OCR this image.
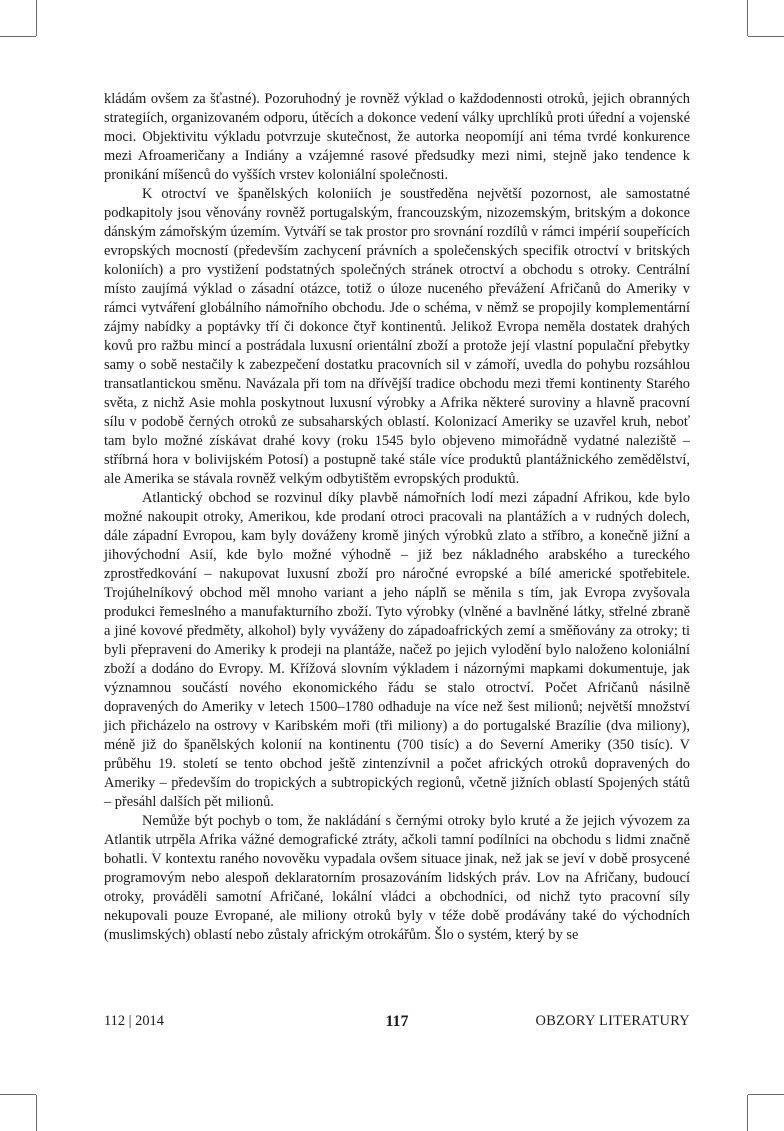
kládám ovšem za šťastné). Pozoruhodný je rovněž výklad o každodennosti otroků, jejich obranných strategiích, organizovaném odporu, útěcích a dokonce vedení války uprchlíků proti úřední a vojenské moci. Objektivitu výkladu potvrzuje skutečnost, že autorka neopomíjí ani téma tvrdé konkurence mezi Afroameričany a Indiány a vzájemné rasové předsudky mezi nimi, stejně jako tendence k pronikání míšenců do vyšších vrstev koloniální společnosti.

K otroctví ve španělských koloniích je soustředěna největší pozornost, ale samostatné podkapitoly jsou věnovány rovněž portugalským, francouzským, nizozemským, britským a dokonce dánským zámořským územím. Vytváří se tak prostor pro srovnání rozdílů v rámci impérií soupeřících evropských mocností (především zachycení právních a společenských specifik otroctví v britských koloniích) a pro vystižení podstatných společných stránek otroctví a obchodu s otroky. Centrální místo zaujímá výklad o zásadní otázce, totiž o úloze nuceného převážení Afričanů do Ameriky v rámci vytváření globálního námořního obchodu. Jde o schéma, v němž se propojily komplementární zájmy nabídky a poptávky tří či dokonce čtyř kontinentů. Jelikož Evropa neměla dostatek drahých kovů pro ražbu mincí a postrádala luxusní orientální zboží a protože její vlastní populační přebytky samy o sobě nestačily k zabezpečení dostatku pracovních sil v zámoří, uvedla do pohybu rozsáhlou transatlantickou směnu. Navázala při tom na dřívější tradice obchodu mezi třemi kontinenty Starého světa, z nichž Asie mohla poskytnout luxusní výrobky a Afrika některé suroviny a hlavně pracovní sílu v podobě černých otroků ze subsaharských oblastí. Kolonizací Ameriky se uzavřel kruh, neboť tam bylo možné získávat drahé kovy (roku 1545 bylo objeveno mimořádně vydatné naleziště – stříbrná hora v bolivijském Potosí) a postupně také stále více produktů plantážnického zemědělství, ale Amerika se stávala rovněž velkým odbytištěm evropských produktů.

Atlantický obchod se rozvinul díky plavbě námořních lodí mezi západní Afrikou, kde bylo možné nakoupit otroky, Amerikou, kde prodaní otroci pracovali na plantážích a v rudných dolech, dále západní Evropou, kam byly dováženy kromě jiných výrobků zlato a stříbro, a konečně jižní a jihovýchodní Asií, kde bylo možné výhodně – již bez nákladného arabského a tureckého zprostředkování – nakupovat luxusní zboží pro náročné evropské a bílé americké spotřebitele. Trojúhelníkový obchod měl mnoho variant a jeho náplň se měnila s tím, jak Evropa zvyšovala produkci řemeslného a manufakturního zboží. Tyto výrobky (vlněné a bavlněné látky, střelné zbraně a jiné kovové předměty, alkohol) byly vyváženy do západoafrických zemí a směňovány za otroky; ti byli přepraveni do Ameriky k prodeji na plantáže, načež po jejich vylodění bylo naloženo koloniální zboží a dodáno do Evropy. M. Křížová slovním výkladem i názornými mapkami dokumentuje, jak významnou součástí nového ekonomického řádu se stalo otroctví. Počet Afričanů násilně dopravených do Ameriky v letech 1500–1780 odhaduje na více než šest milionů; největší množství jich přicházelo na ostrovy v Karibském moři (tři miliony) a do portugalské Brazílie (dva miliony), méně již do španělských kolonií na kontinentu (700 tisíc) a do Severní Ameriky (350 tisíc). V průběhu 19. století se tento obchod ještě zintenzívnil a počet afrických otroků dopravených do Ameriky – především do tropických a subtropických regionů, včetně jižních oblastí Spojených států – přesáhl dalších pět milionů.

Nemůže být pochyb o tom, že nakládání s černými otroky bylo kruté a že jejich vývozem za Atlantik utrpěla Afrika vážné demografické ztráty, ačkoli tamní podílníci na obchodu s lidmi značně bohatli. V kontextu raného novověku vypadala ovšem situace jinak, než jak se jeví v době prosycené programovým nebo alespoň deklaratorním prosazováním lidských práv. Lov na Afričany, budoucí otroky, prováděli samotní Afričané, lokální vládci a obchodníci, od nichž tyto pracovní síly nekupovali pouze Evropané, ale miliony otroků byly v téže době prodávány také do východních (muslimských) oblastí nebo zůstaly africkým otrokářům. Šlo o systém, který by se

112 | 2014	117	OBZORY LITERATURY
